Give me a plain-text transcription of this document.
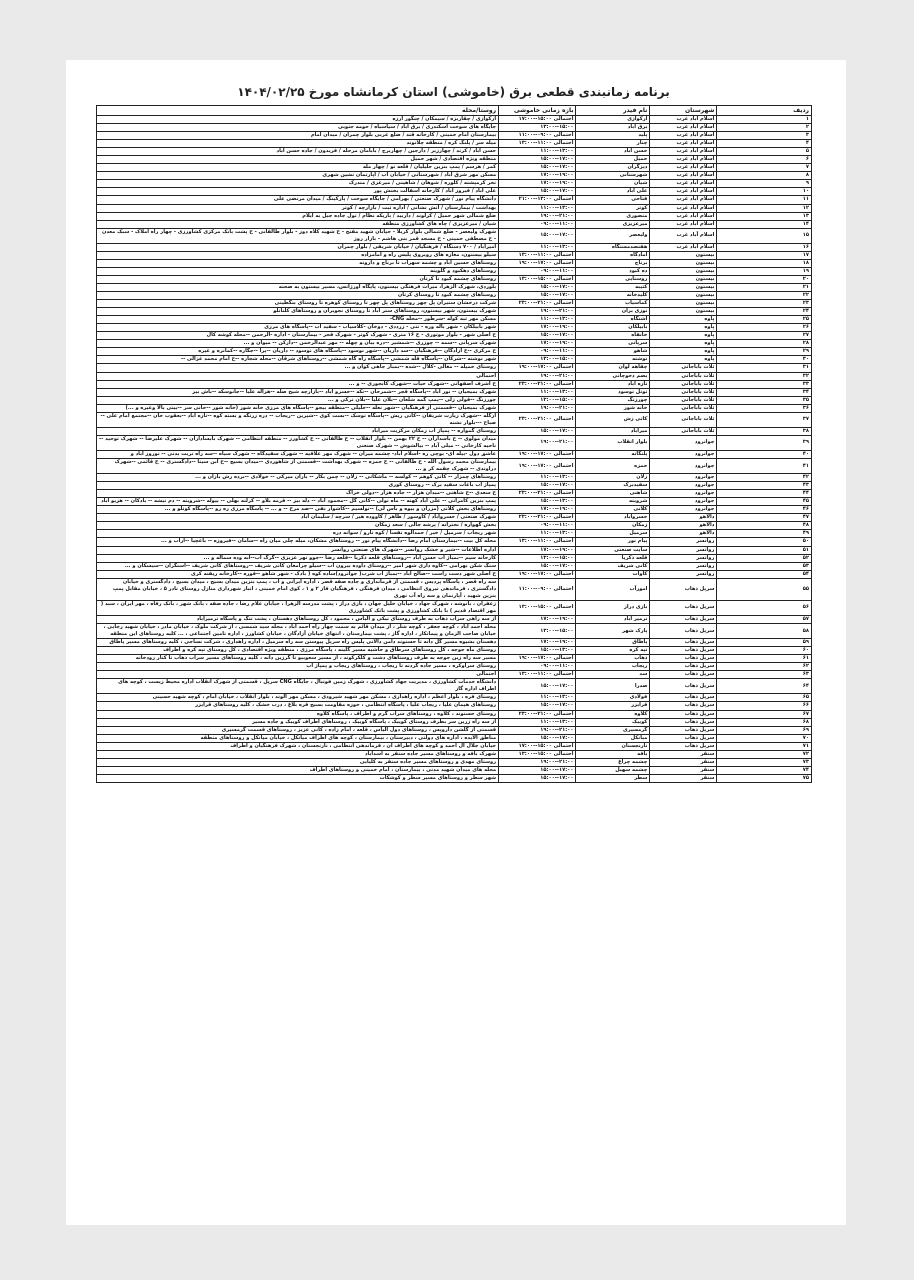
برنامه زمانبندی قطعی برق (خاموشی) استان کرمانشاه مورخ ۱۴۰۴/۰۲/۲۵
ردیف	شهرستان	نام فیدر	بازه زمانی خاموشی	روستا/محله
۱	اسلام آباد غرب	ارکوازی	احتمالی ۱۵:۰۰--۱۷:۰۰	ارکوازی / چقاربزه / سیمکان / چنگور ارزه
۲	اسلام آباد غرب	برق آباد	۱۳:۰۰--۱۵:۰۰	جایگاه های سوخت اسکندری / برق آباد / سیاسیاه / حومه جنوبی
۳	اسلام آباد غرب	پلید	احتمالی ۰۹:۰۰--۱۱:۰۰	بیمارستان امام خمینی / کارخانه قند / ضلع غربی بلوار چمران / میدان امام
۴	اسلام آباد غرب	چنار	احتمالی ۱۱:۰۰--۱۳:۰۰	میله سر / پلنگ کره / منطقه چلانوند
۵	اسلام آباد غرب	حسن آباد	۱۱:۰۰--۱۳:۰۰	حسن آباد / کرند / چهارزبر / دارجین / چهاربرج / بابامان مرحله / فریدون / جاده حسن آباد
۶	اسلام آباد غرب	حمیل	۱۵:۰۰--۱۷:۰۰	منطقه ویژه اقتصادی / شهر حمیل
۷	اسلام آباد غرب	دیزگران	۱۵:۰۰--۱۷:۰۰	کمر / هرسم / پمپ بنزین جلیلیان / قلعه نو / چهار مله
۸	اسلام آباد غرب	شهرستانی	۱۷:۰۰--۱۹:۰۰	مسکن مهر شرق آباد / شهرستانی / خیابان آب / آپارتمان نشین شهری
۹	اسلام آباد غرب	شیان	۱۷:۰۰--۱۹:۰۰	تخر کرمپشته / کلوره / شوهان / شاهینی / میرغزی / مندرک
۱۰	اسلام آباد غرب	علی آباد	۱۵:۰۰--۱۷:۰۰	علی آباد / قیروز آباد / کارخانه آسفالت بختش پور
۱۱	اسلام آباد غرب	فتاحی	احتمالی ۱۳:۰۰--۲۱:۰۰	دانشگاه پیام نور / شهرک صنعتی / بهرامی / جایگاه سوخت / پارکینگ / میدان مرتضی علی
۱۲	اسلام آباد غرب	کوثر	۱۱:۰۰--۱۳:۰۰	بهداشت / بیمارستان / آتش نشانی / اداره ثبت / بازارچه / کوثر
۱۳	اسلام آباد غرب	منصوری	۱۹:۰۰--۲۱:۰۰	ضلع شمالی شهر حمیل / کرلوند / داربید / باریکه نظام / تول جاده جبل به ایلام
۱۴	اسلام آباد غرب	میرعزیزی	۰۹:۰۰--۱۱:۰۰	شیان / میرعزیزی / چاه های کشاورزی منطقه
۱۵	اسلام آباد غرب	ولیعصر	۱۵:۰۰--۱۷:۰۰	شهرک ولیعصر - ضلع شمالی بلوار کربلا - خیابان شهید مفتح - خ شهید کلاه دوز - بلوار طالقانی - خ پشت بانک مرکزی کشاورزی - چهار راه املاک - سبک معدن - خ مصطفی خمینی - خ مسجد قمر بنی هاشم - بازار روز
۱۶	اسلام آباد غرب	هفتصدمستگاه	۱۱:۰۰--۱۳:۰۰	امیرآباد / ۷۰۰ دستگاه / فرهنگیان / خیابان شریفی / بلوار چمران
۱۷	بیستون	آمادگاه	احتمالی ۱۱:۰۰--۱۳:۰۰	سیلو بیستون، مغازه های روبروی پلیس راه و امامزاده
۱۸	بیستون	برناج	احتمالی ۱۷:۰۰--۱۹:۰۰	روستاهای حسین آباد و چشمه سهراب تا برناج و دارونه
۱۹	بیستون	ده کبود	۰۹:۰۰--۱۱:۰۰	روستاهای دهکبود و گلوینه
۲۰	بیستون	روستایی	احتمالی ۱۵:۰۰--۱۳:۰۰	روستاهای چشمه کبود تا کرنان
۲۱	بیستون	کتیبه	۱۵:۰۰--۱۷:۰۰	بلوردی، شهرک الزهرا، میراث فرهنگی بیستون، پایگاه اورژانس، مسیر بیستون به صحنه
۲۲	بیستون	کلیدخانه	۱۵:۰۰--۱۷:۰۰	روستاهای چشمه کبود تا روستای کرنان
۲۳	بیستون	کماسیاب	احتمالی ۲۱:۰۰--۲۳:۰۰	شرکت درخشان ستیران پل چهر روستاهای پل چهر تا روستای کوهره تا روستای بنگطینی
۲۴	بیستون	نوزی بران	۱۹:۰۰--۲۱:۰۰	شهرک بیستون، شهر بیستون، روستاهای ستر اباد تا روستای نجوبران و روستاهای کلنانلو
۲۵	پاوه	آشتگاه	۱۱:۰۰--۱۳:۰۰	مسکن مهر ثبه کوله -سرطور --محله CNG-
۲۶	پاوه	بابیلکان	۱۷:۰۰--۱۹:۰۰	شهر بابیلکان - شهر باله وره - نتی - زرددی - دوخان -کلاسیاب - سفید اب --پاسگاه های مرزی
۲۷	پاوه	خانقاه	۱۵:۰۰--۱۷:۰۰	خ اصلی شهر - بلوار موتوری - خ ۱۶ متری - شهرک کوثر - شهرک فجر - بیمارستان - اداره -الرحمن --محله کوشه کال
۲۸	پاوه	سرپانی	۱۷:۰۰--۱۹:۰۰	شهرک سرپانی --سمه -- چوزری --شمشیر --دره بیان و چهله -- مهر عبدالرحمن --دارکن -- میوان و ...
۲۹	پاوه	شاهو	۰۹:۰۰--۱۱:۰۰	خ مرکزی --خ آزادگان --فرهنگیان --سد داریان --شهر نوسود --پاسگاه های نوسود -- داریان --پرا --جگاره --کمانره و غیره
۳۰	پاوه	نوشته	۱۳:۰۰--۱۵:۰۰	شهر نوشته --شرکان --پاسگاه قله شمشی --پاسگاه راه گاه شمشی --روستاهای شرقان --محله شجاره --خ امام محمد غزالی --
۳۱	ثلاث باباجانی	چقاهه لوان	احتمالی ۱۷:۰۰--۱۹:۰۰	روستای خمیله -- مغالی -کلال --شده --بمبار جاهی کوان و ...
۳۲	ثلاث باباجانی	بصم دخوچانی	۱۹:۰۰--۲۱:۰۰	احتمالی
۳۳	ثلاث باباجانی	تازه آباد	احتمالی ۲۱:۰۰--۲۳:۰۰	خ اشرف اصفهانی --شهرک حیات --شهرک کابجوری -- و ...
۳۴	ثلاث باباجانی	توتل نوسود	۱۱:۰۰--۱۳:۰۰	شهرک بمیجیان -- نور اباد --پاسگاه قجر --شمرخان --نکه --خسرو اباد --بازارچه شیخ صله --هزاله علیا --جانوسکه --باش بیز
۳۵	ثلاث باباجانی	چورزنگ	۱۳:۰۰--۱۵:۰۰	چورزنگ --قولی زلی --پمپ گمه شلعان --بلان علیا --بلان ترکی و ...
۳۶	ثلاث باباجانی	خانه شور	۱۹:۰۰--۲۱:۰۰	شهرک بمیجیان --قسمتی از فرهنگیان --شهر نعله --خلیلی --منطقه بیجو --پاسگاه های مرزی خانه شور (خانه شور --خانی سر --بینی بالا وغیره و ...)
۳۷	ثلاث باباجانی	کانی زش	احتمالی ۲۱:۰۰--۲۳:۰۰	ازگله --شهرک زیارت شریفان --کانی ریش --پاسگاه نوسک --بست کوی --شیرین --ریجاب -- دره زرنگه و بسته کوه --تازه اباد --یعقوب خان --مجتمع امام علی --صباح ---بلوار تشنه
۳۸	ثلاث باباجانی	میرآباد	۱۵:۰۰--۱۷:۰۰	روستای گمواره -- پمپاژ آب زمکان مرکزیت میرآباد
۳۹	جوانرود	بلوار انقلاب	۱۹:۰۰--۲۱:۰۰	میدان مولوی -- خ باسداران -- خ ۲۲ بهمن -- بلوار انقلاب -- خ طالقانی -- خ کشاورز -- منطقه انتظامی -- شهرک بابساداران -- شهرک علیرضا -- شهرک توحید -- ناحیه کارخانی -- میلی آباد -- بیالشوش -- شهرک صنعتی
۴۰	جوانرود	پلنگانه	احتمالی ۱۷:۰۰--۱۹:۰۰	عاشق دول -بیله ای- بوچی ره -اسلام اباد- چشمه میران -- شهرک مهر علاقیه -- شهرک سفیدگاه -- شهرک سیاه --سه راه تربت بدنی -- نوروز اباد و
۴۱	جوانرود	حمزه	احتمالی ۱۷:۰۰--۱۹:۰۰	بیمارستان محمد رسول الله - خ طالقانی -- خ حمزه -- شهرک بهداشت --قسمتی از شاهوردی --میدان بسیج --خ ابن سینا --دادگستری -- خ قائمی --شهرک دراوندی -- شهرک چقمه کر و ...
۴۲	جوانرود	زلان	۱۱:۰۰--۱۳:۰۰	روستاهای چمزار -- کانی کوهم -- کولسه -- ماشکانی -- زلان -- چمن بکار -- باران میرکی -- خولادی --برده رش بازان و ...
۴۳	جوانرود	سفیدبرک	۱۵:۰۰--۱۷:۰۰	پمپاژ آب باغات سفید برک -- روستای کوری
۴۴	جوانرود	شاهنی	احتمالی ۲۱:۰۰--۲۳:۰۰	خ سعدی --خ شاهنی --میدان هزار -- جاده هزار --دولی خراگ
۴۵	جوانرود	شروینه	۱۵:۰۰--۱۳:۰۰	پمپ بنزین کامرانی -- علی اباد کهنه -- ماه تولی --کانی گل --محمود آباد -- دله بیز -- قرمه بلاو -- کرلنه بهلی -- بیوله --شروینه -- دم نیشه -- بادکان -- هزیو اباد
۴۶	جوانرود	کلانی	۱۷:۰۰--۱۹:۰۰	روستاهای بخش کلانی (مزران و بیوه و باس لی) --تولسیم --کاشوار نفی --صد مرخ -- و ... -- پاسگاه مرزی ره رو --پاسگاه کوتلو و ...
۴۷	دالاهو	خسروآباد	احتمالی ۲۱:۰۰--۲۳:۰۰	شهرک صنعتی / خسروآباد / کاوسور / طاهر / کاووده هیر / سرچه / سلیمان آباد
۴۸	دالاهو	زمکان	۰۹:۰۰--۱۱:۰۰	بخش گهواره / تخترانه / پرشه جالی / سعد زمکان
۴۹	دالاهو	سرمیل	۱۱:۰۰--۱۳:۰۰	شهر ریجاب / سرمیل / خیر / حمدالوه نفسا / کوه نارو / سوانه دره
۵۰	روانسر	پیام نور	احتمالی ۱۱:۰۰--۱۳:۰۰	محله کل بیت --بیمارستان امام رضا --دانشگاه پیام نور -- روستاهای مشکان، میله چلی میان راه --سامان --فیروزه -- باغچیا --اراب و ...
۵۱	روانسر	سایت صنعتی	۱۷:۰۰--۱۹:۰۰	اداره اطلاعات --شیر و خشک روانسر --شهرک های صنعتی روانسر
۵۲	روانسر	قلعه ذکریا	۱۳:۰۰--۱۵:۰۰	کارخانه سیم --بمباژ آب حسن آباد --روستاهای قلعه ذکریا --قلعه رضا --جوو نهر عزیزی --گرگ آب--ابه وده سماله و ...
۵۳	روانسر	کانی شریف	۱۵:۰۰--۱۷:۰۰	سنگ شکن بهرامی --کاوه داری شهر امیر --روستای داوده بیرون آب --سیلو چرامغان کانی شریف --روستاهای کانی شریف --آسنگران --سیسکان و ...
۵۴	روانسر	کاوات	احتمالی ۱۷:۰۰--۱۹:۰۰	خ اصلی شهر دست راست --صالح اباد --بمباژ آب شرب( جوانرود)ساده کوه ( بادک - شهر شاهو --قوره --کارخانه ریفته کری
۵۵	سرپل ذهاب	امورآب	احتمالی ۰۹:۰۰--۱۱:۰۰	سه راه قصر ، پاسگاه پردیس ، قسمتی از فرمانداری و جاده صفه قصر ، اداره ایرانی و آب ، پمپ بنزین میدان بسیج ، میدان بسیج ، دادگستری و خیابان دادگستری ، فرماندهی نیروی انتظامی ، میدان فرهنگی ، فرهنگیان فاز ۲ و ۱ ، کوی امام خمینی ، انبار شهرداری منازل روستای نادر ۵ ، خیابان مقابل پمپ بنزین شهید ، آپارتمان و سه راه آب نهری
۵۶	سرپل ذهاب	بازی دراز	احتمالی ۱۵:۰۰--۱۳:۰۰	زعفران ، بانوشه ، شهرک جهاد ، خیابان خلیل جهان ، بازی دراز ، پشت مدرسه الزهرا ، خیابان غلام رضا ، جاده صفه ، بانک شهر ، بانک رفاه ، مهر ایران ، سبد ( مهر اقتصاد قدیم ) با بانک کشاورزی و پشت بانک کشاورزی
۵۷	سرپل ذهاب	ترمیر آباد	۱۷:۰۰--۱۹:۰۰	از سه راهی سراب ذهاب به طرف روستای نیکی و الیاس ، محمود ، کل روستاهای دهستان ، پشت تنگ و پاسگاه ترمیرآباد
۵۸	سرپل ذهاب	پارک شهر	۱۳:۰۰--۱۵:۰۰	محله احمد آباد ، کوچه جعفر ، کوچه شلر ، از میدان قائم به سمت چهار راه احمد آباد ، محله سید شمسی ، از شرکت ملوک ، خیابان مادر ، خیابان شهید رجایی ، خیابان صاحب الزمان و پیمانکار ، اداره گاز ، پشت بیمارستان ، انتهای خیابان آزادگان ، خیابان کشاورز ، اداره تامین اجتماعی ، ... کلیه روستاهای این منطقه
۵۹	سرپل ذهاب	پاطاق	۱۷:۰۰--۱۹:۰۰	دهستان بشیوه مسیر گل دانه تا حسنوند دامن دالانی پلیس راه سرپل پیوستن سه راه سرمیل ، اداره راهداری ، شرکت نساجی ، کلیه روستاهای مسیر پاطاق
۶۰	سرپل ذهاب	تپه کره	۱۵:۰۰--۱۳:۰۰	روستای ماه جوجه ، کل روستاهای سرطاق و حاشیه مسیر گلینه ، پاسگاه مرزی ، منطقه ویژه اقتصادی ، کل روستای تپه کره و اطراف
۶۱	سرپل ذهاب	ذهاب	احتمالی ۱۷:۰۰--۱۹:۰۰	مسیر سه راه زین جوجه به طرف روستاهای دشت و کلکرکوند ، از مسیر سعوبیو تا گرزین دانه ، کلیه روستاهای مسیر سراب ذهاب تا کنار رودخانه
۶۲	سرپل ذهاب	ریجاب	۰۹:۰۰--۱۱:۰۰	روستای سراوکره ، مسیر جاده گردنه تا ریجاب ، روستاهای ریجاب و پمپاژ آب
۶۳	سرپل ذهاب	سد	احتمالی ۱۱:۰۰--۱۳:۰۰	احتمالی
۶۴	سرپل ذهاب	صدرا	۱۵:۰۰--۱۷:۰۰	دانشگاه خدمات کشاورزی ، مدیریت جهاد کشاورزی ، شهرک زمین فوتبال ، جایگاه CNG سرپل ، قسمتی از شهرک انقلاب اداره محیط زیست ، کوچه های اطراف اداره گاز
۶۵	سرپل ذهاب	فولادی	۱۱:۰۰--۱۳:۰۰	روستای فره ، بلوار اعظم ، اداره راهداری ، مسکن مهر شهید شیرودی ، مسکن مهر الوند ، بلوار انقلاب ، خیابان امام ، کوچه شهید حسینی
۶۶	سرپل ذهاب	قرایزر	۱۵:۰۰--۱۷:۰۰	روستاهای هیمان علیا ، ریجاب علیا ، پاسگاه انتظامی ، حوزه مقاومت بسیج قره بلاغ ، درب خشک ، کلیه روستاهای قرایزر
۶۷	سرپل ذهاب	کلاوه	احتمالی ۲۱:۰۰--۲۳:۰۰	روستای حسنوند ، کلاوه ، روستاهای سراب گرم و اطراف ، پاسگاه کلاوه
۶۸	سرپل ذهاب	کوییک	۱۱:۰۰--۱۳:۰۰	از سه راه زرین سر بطرف روستای کوییک ، پاسگاه کوییک ، روستاهای اطراف کوییک و جاده مسیر
۶۹	سرپل ذهاب	گرمسیری	۱۹:۰۰--۲۱:۰۰	قسمتی از گلشن داروپس ، روستاهای دول الیاس ، قلعه ، امام زاده ، کانی عزیز ، روستاهای قسمت گرمسیری
۷۰	سرپل ذهاب	میانکل	۱۵:۰۰--۱۷:۰۰	مناطق آلایده ، اداره های دولتی ، دبیرستان ، بیمارستان ، کوچه های اطراف میانکل ، خیابان میانکل و روستاهای منطقه
۷۱	سرپل ذهاب	نارنجستان	احتمالی ۱۵:۰۰--۱۷:۰۰	خیابان جلال آل احمد و کوچه های اطراف آن ، فرماندهی انتظامی ، نارنجستان ، شهرک فرهنگیان و اطراف
۷۲	سنقر	بافه	احتمالی ۱۵:۰۰--۱۳:۰۰	شهرک بافه و روستاهای مسیر جاده سنقر به اسدآباد
۷۳	سنقر	چشمه چراغ	۱۹:۰۰--۲۱:۰۰	روستای مهدی و روستاهای مسیر جاده سنقر به کلیایی
۷۴	سنقر	چشمه سهیل	۱۵:۰۰--۱۷:۰۰	محله های میدان شهید مدنی ، بیمارستان ، امام خمینی و روستاهای اطراف
۷۵	سنقر	سطر	۱۵:۰۰--۱۷:۰۰	شهر سطر و روستاهای مسیر سطر و کوشکات
